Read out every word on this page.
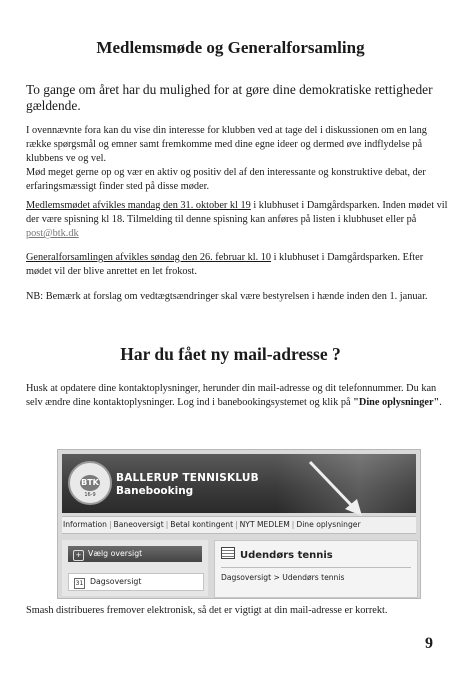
Medlemsmøde og Generalforsamling
To gange om året har du mulighed for at gøre dine demokratiske rettigheder gældende.
I ovennævnte fora kan du vise din interesse for klubben ved at tage del i diskussionen om en lang række spørgsmål og emner samt fremkomme med dine egne ideer og dermed øve indflydelse på klubbens ve og vel.
Mød meget gerne op og vær en aktiv og positiv del af den interessante og konstruktive debat, der erfaringsmæssigt finder sted på disse møder.
Medlemsmødet afvikles mandag den 31. oktober kl 19 i klubhuset i Damgårdsparken. Inden mødet vil der være spisning kl 18. Tilmelding til denne spisning kan anføres på listen i klubhuset eller på post@btk.dk
Generalforsamlingen afvikles søndag den 26. februar kl. 10 i klubhuset i Damgårdsparken. Efter mødet vil der blive anrettet en let frokost.
NB: Bemærk at forslag om vedtægtsændringer skal være bestyrelsen i hænde inden den 1. januar.
Har du fået ny mail-adresse ?
Husk at opdatere dine kontaktoplysninger, herunder din mail-adresse og dit telefonnummer. Du kan selv ændre dine kontaktoplysninger. Log ind i banebookingsystemet og klik på "Dine oplysninger".
BTK
16-9
BALLERUP TENNISKLUB
Banebooking
Information | Baneoversigt | Betal kontingent | NYT MEDLEM | Dine oplysninger
+ Vælg oversigt
31 Dagsoversigt
Udendørs tennis
Dagsoversigt > Udendørs tennis
Smash distribueres fremover elektronisk, så det er vigtigt at din mail-adresse er korrekt.
9
